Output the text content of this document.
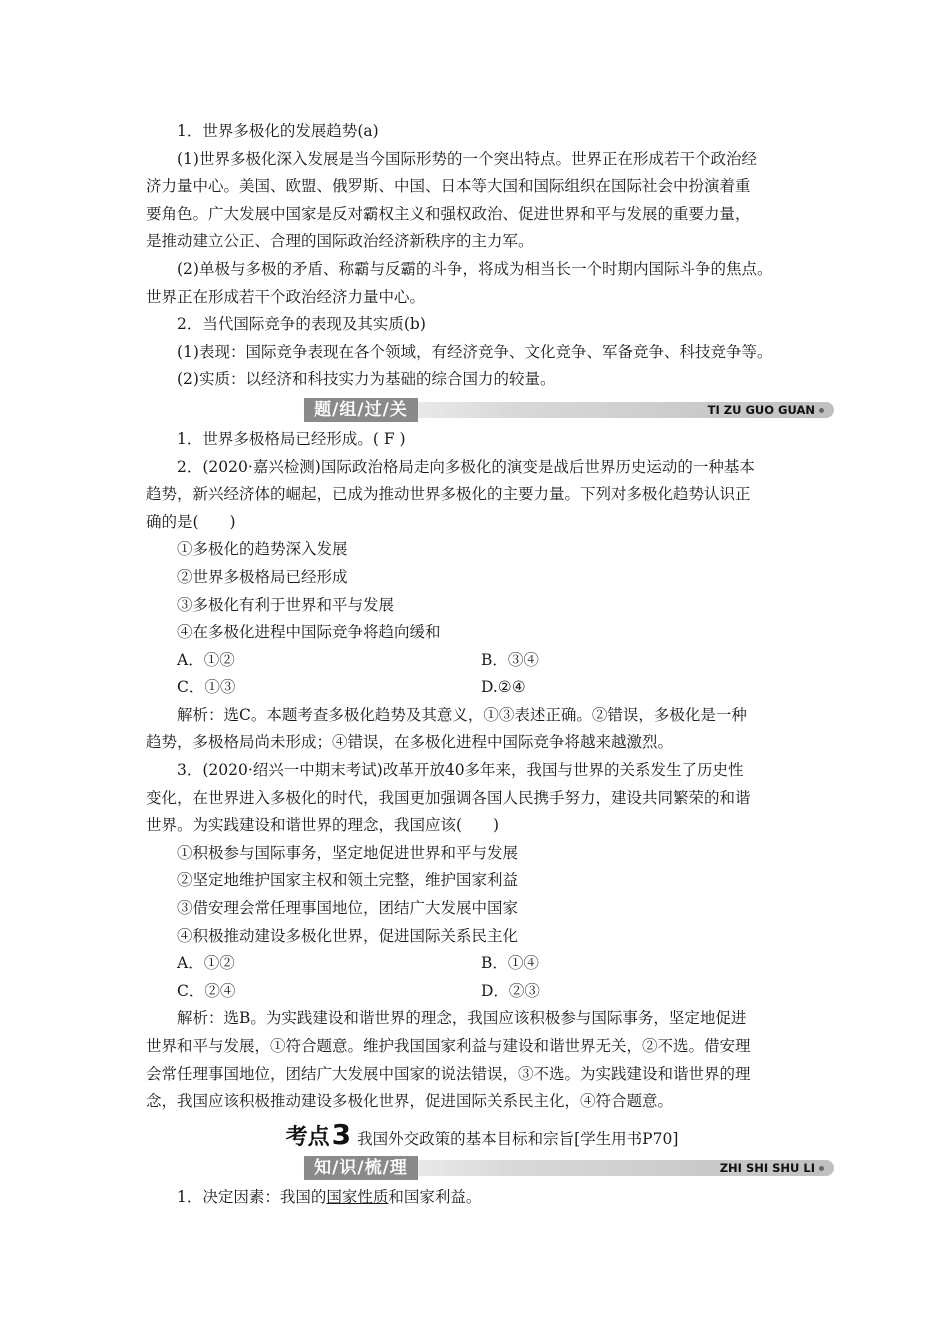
1．世界多极化的发展趋势(a)

(1)世界多极化深入发展是当今国际形势的一个突出特点。世界正在形成若干个政治经

济力量中心。美国、欧盟、俄罗斯、中国、日本等大国和国际组织在国际社会中扮演着重

要角色。广大发展中国家是反对霸权主义和强权政治、促进世界和平与发展的重要力量，

是推动建立公正、合理的国际政治经济新秩序的主力军。

(2)单极与多极的矛盾、称霸与反霸的斗争，将成为相当长一个时期内国际斗争的焦点。

世界正在形成若干个政治经济力量中心。

2．当代国际竞争的表现及其实质(b)

(1)表现：国际竞争表现在各个领域，有经济竞争、文化竞争、军备竞争、科技竞争等。

(2)实质：以经济和科技实力为基础的综合国力的较量。

题/组/过/关	TI ZU GUO GUAN

1．世界多极格局已经形成。( F )

2．(2020·嘉兴检测)国际政治格局走向多极化的演变是战后世界历史运动的一种基本

趋势，新兴经济体的崛起，已成为推动世界多极化的主要力量。下列对多极化趋势认识正

确的是(　　)

①多极化的趋势深入发展

②世界多极格局已经形成

③多极化有利于世界和平与发展

④在多极化进程中国际竞争将趋向缓和

A．①②	B．③④
C．①③	D.②④

解析：选C。本题考查多极化趋势及其意义，①③表述正确。②错误，多极化是一种

趋势，多极格局尚未形成；④错误，在多极化进程中国际竞争将越来越激烈。

3．(2020·绍兴一中期末考试)改革开放40多年来，我国与世界的关系发生了历史性

变化，在世界进入多极化的时代，我国更加强调各国人民携手努力，建设共同繁荣的和谐

世界。为实践建设和谐世界的理念，我国应该(　　)

①积极参与国际事务，坚定地促进世界和平与发展

②坚定地维护国家主权和领土完整，维护国家利益

③借安理会常任理事国地位，团结广大发展中国家

④积极推动建设多极化世界，促进国际关系民主化

A．①②	B．①④
C．②④	D．②③

解析：选B。为实践建设和谐世界的理念，我国应该积极参与国际事务，坚定地促进

世界和平与发展，①符合题意。维护我国国家利益与建设和谐世界无关，②不选。借安理

会常任理事国地位，团结广大发展中国家的说法错误，③不选。为实践建设和谐世界的理

念，我国应该积极推动建设多极化世界，促进国际关系民主化，④符合题意。

考点3 我国外交政策的基本目标和宗旨[学生用书P70]
知/识/梳/理	ZHI SHI SHU LI

1．决定因素：我国的国家性质和国家利益。
